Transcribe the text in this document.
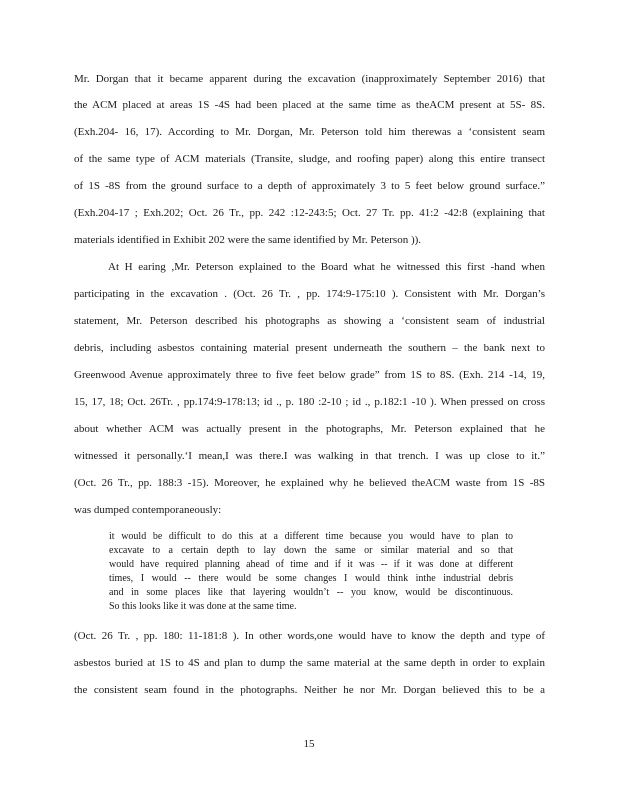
Mr. Dorgan that it became apparent during the excavation (inapproximately September 2016) that
the ACM placed at areas 1S -4S had been placed at the same time as theACM present at 5S- 8S.
(Exh.204- 16, 17). According to Mr. Dorgan, Mr. Peterson told him therewas a ‘consistent seam
of the same type of ACM materials (Transite, sludge, and roofing paper) along this entire transect
of 1S -8S from the ground surface to a depth of approximately 3 to 5 feet below ground surface.”
(Exh.204-17 ; Exh.202; Oct. 26 Tr., pp. 242 :12-243:5; Oct. 27 Tr. pp. 41:2 -42:8 (explaining that
materials identified in Exhibit 202 were the same identified by Mr. Peterson )).
At H earing ,Mr. Peterson explained to the Board what he witnessed this first -hand when
participating in the excavation . (Oct. 26 Tr. , pp. 174:9-175:10 ). Consistent with Mr. Dorgan’s
statement, Mr. Peterson described his photographs as showing a ‘consistent seam of industrial
debris, including asbestos containing material present underneath the southern – the bank next to
Greenwood Avenue approximately three to five feet below grade” from 1S to 8S. (Exh. 214 -14, 19,
15, 17, 18; Oct. 26Tr. , pp.174:9-178:13; id ., p. 180 :2-10 ; id ., p.182:1 -10 ). When pressed on cross
about whether ACM was actually present in the photographs, Mr. Peterson explained that he
witnessed it personally.‘I mean,I was there.I was walking in that trench. I was up close to it.”
(Oct. 26 Tr., pp. 188:3 -15). Moreover, he explained why he believed theACM waste from 1S -8S
was dumped contemporaneously:
it would be difficult to do this at a different time because you would have to plan to
excavate to a certain depth to lay down the same or similar material and so that
would have required planning ahead of time and if it was -- if it was done at different
times, I would -- there would be some changes I would think inthe industrial debris
and in some places like that layering wouldn’t -- you know, would be discontinuous.
So this looks like it was done at the same time.
(Oct. 26 Tr. , pp. 180: 11-181:8 ). In other words,one would have to know the depth and type of
asbestos buried at 1S to 4S and plan to dump the same material at the same depth in order to explain
the consistent seam found in the photographs. Neither he nor Mr. Dorgan believed this to be a
15
